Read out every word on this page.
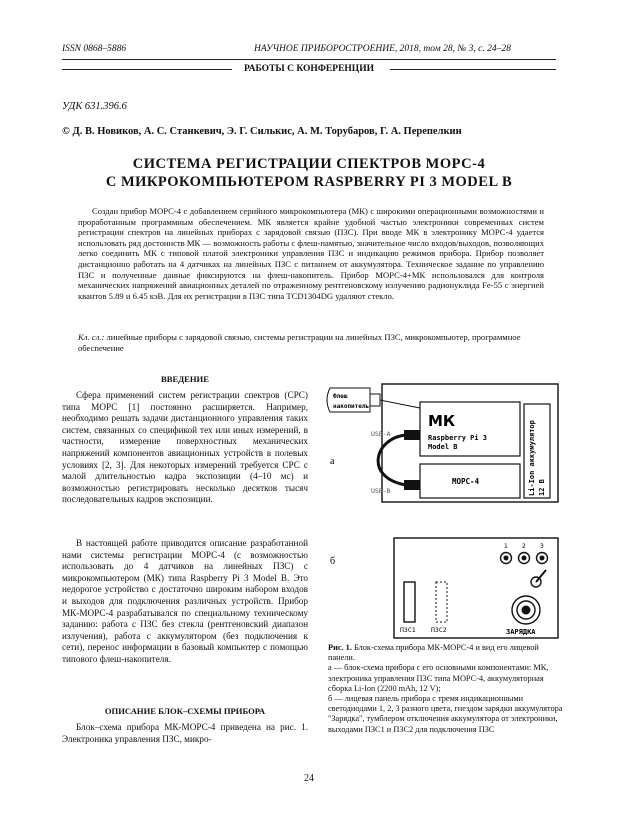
ISSN 0868–5886	НАУЧНОЕ ПРИБОРОСТРОЕНИЕ, 2018, том 28, № 3, с. 24–28
РАБОТЫ С КОНФЕРЕНЦИИ
УДК 631.396.6
© Д. В. Новиков, А. С. Станкевич, Э. Г. Силькис, А. М. Торубаров, Г. А. Перепелкин
СИСТЕМА РЕГИСТРАЦИИ СПЕКТРОВ МОРС-4
С МИКРОКОМПЬЮТЕРОМ RASPBERRY PI 3 MODEL B
Создан прибор МОРС-4 с добавлением серийного микрокомпьютера (МК) с широкими операционными возможностями и проработанным программным обеспечением. МК является крайне удобной частью электроники современных систем регистрации спектров на линейных приборах с зарядовой связью (ПЗС). При вводе МК в электронику МОРС-4 удается использовать ряд достоинств МК — возможность работы с флеш-памятью, значительное число входов/выходов, позволяющих легко соединить МК с типовой платой электроники управления ПЗС и индикацию режимов прибора. Прибор позволяет дистанционно работать на 4 датчиках на линейных ПЗС с питанием от аккумулятора. Техническое задание по управлению ПЗС и полученные данные фиксируются на флеш-накопитель. Прибор МОРС-4+МК использовался для контроля механических напряжений авиационных деталей по отраженному рентгеновскому излучению радионуклида Fe-55 с энергией квантов 5.89 и 6.45 кэВ. Для их регистрации в ПЗС типа TCD1304DG удаляют стекло.
Кл. сл.: линейные приборы с зарядовой связью, системы регистрации на линейных ПЗС, микрокомпьютер, программное обеспечение
ВВЕДЕНИЕ
Сфера применений систем регистрации спектров (СРС) типа МОРС [1] постоянно расширяется. Например, необходимо решать задачи дистанционного управления таких систем, связанных со спецификой тех или иных измерений, в частности, измерение поверхностных механических напряжений компонентов авиационных устройств в полевых условиях [2, 3]. Для некоторых измерений требуется СРС с малой длительностью кадра экспозиции (4–10 мс) и возможностью регистрировать несколько десятков тысяч последовательных кадров экспозиции.
В настоящей работе приводится описание разработанной нами системы регистрации МОРС-4 (с возможностью использовать до 4 датчиков на линейных ПЗС) с микрокомпьютером (МК) типа Raspberry Pi 3 Model B. Это недорогое устройство с достаточно широким набором входов и выходов для подключения различных устройств. Прибор МК-МОРС-4 разрабатывался по специальному техническому заданию: работа с ПЗС без стекла (рентгеновский диапазон излучения), работа с аккумулятором (без подключения к сети), перенос информации в базовый компьютер с помощью типового флеш-накопителя.
ОПИСАНИЕ БЛОК–СХЕМЫ ПРИБОРА
Блок–схема прибора МК-МОРС-4 приведена на рис. 1. Электроника управления ПЗС, микро-
а
Флеш
накопитель
МК
Raspberry Pi 3
Model B
USB-A
МОРС-4
USB-B	Li-Ion аккумулятор 12 В
б
1 2 3
ЗАРЯДКА
ПЗС1 ПЗС2
Рис. 1. Блок-схема прибора МК-МОРС-4 и вид его лицевой панели.
а — блок-схема прибора с его основными компонентами: МК, электроника управления ПЗС типа МОРС-4, аккумуляторная сборка Li-Ion (2200 mAh, 12 V);
б — лицевая панель прибора с тремя индикационными светодиодами 1, 2, 3 разного цвета, гнездом зарядки аккумулятора "Зарядка", тумблером отключения аккумулятора от электроники, выходами ПЗС1 и ПЗС2 для подключения ПЗС
24
